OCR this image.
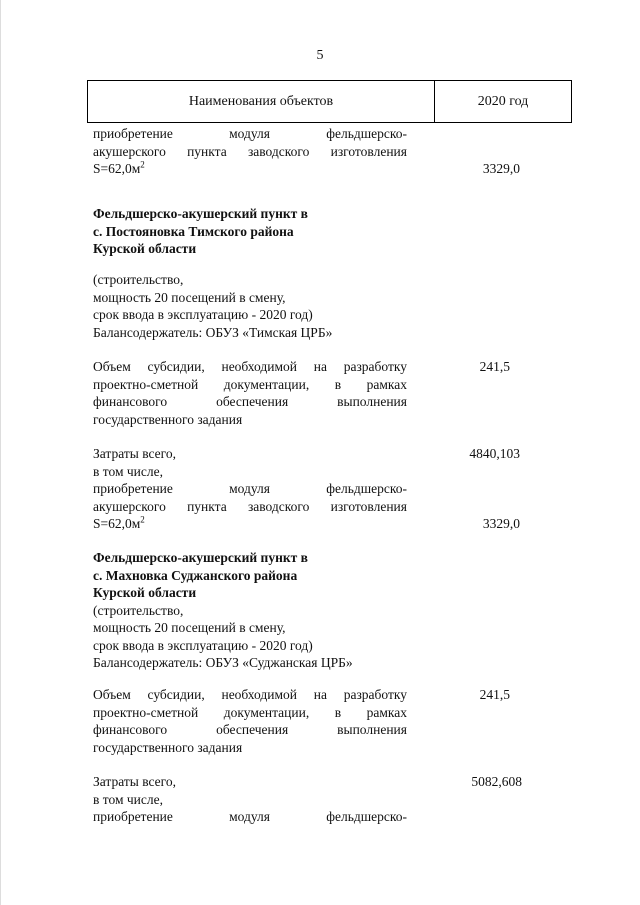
5
Наименования объектов	2020 год
приобретение модуля фельдшерско-
акушерского пункта заводского изготовления
$S=62,0м^2$	3329,0
Фельдшерско-акушерский пункт в
с. Постояновка Тимского района
Курской области
(строительство,
мощность 20 посещений в смену,
срок ввода в эксплуатацию - 2020 год)
Балансодержатель: ОБУЗ «Тимская ЦРБ»
Объем субсидии, необходимой на разработку
проектно-сметной документации, в рамках
финансового обеспечения выполнения
государственного задания
241,5
Затраты всего,
в том числе,
приобретение модуля фельдшерско-
акушерского пункта заводского изготовления
$S=62,0м^2$
4840,103
3329,0
Фельдшерско-акушерский пункт в
с. Махновка Суджанского района
Курской области
(строительство,
мощность 20 посещений в смену,
срок ввода в эксплуатацию - 2020 год)
Балансодержатель: ОБУЗ «Суджанская ЦРБ»
Объем субсидии, необходимой на разработку
проектно-сметной документации, в рамках
финансового обеспечения выполнения
государственного задания
241,5
Затраты всего,
в том числе,
приобретение модуля фельдшерско-
5082,608
